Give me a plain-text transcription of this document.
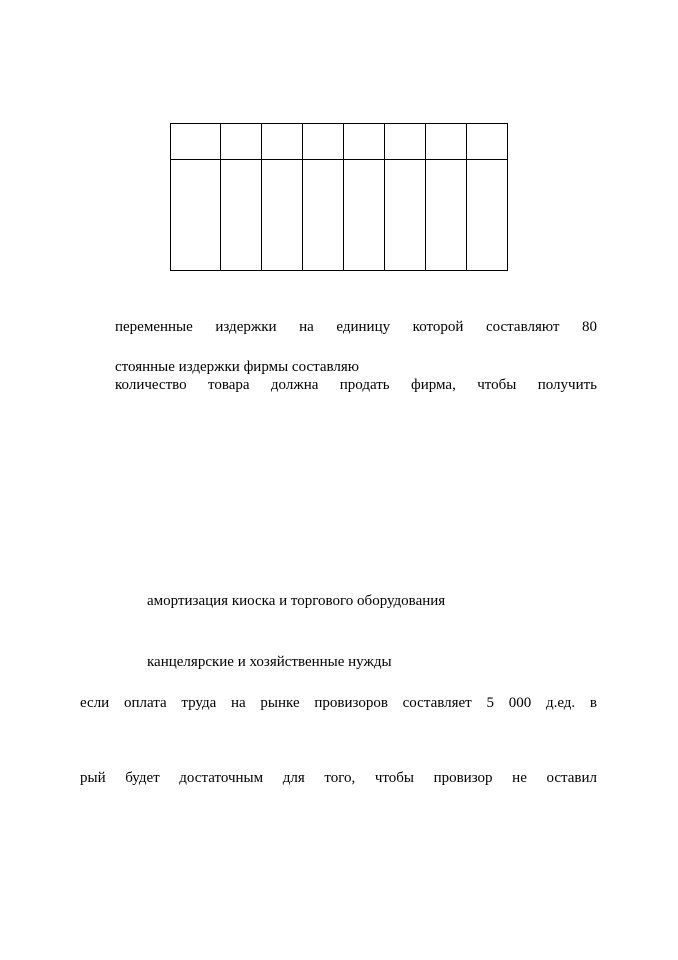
переменные издержки на единицу которой составляют 80
стоянные издержки фирмы составляю
количество товара должна продать фирма, чтобы получить
амортизация киоска и торгового оборудования
канцелярские и хозяйственные нужды
если оплата труда на рынке провизоров составляет 5 000 д.ед. в
рый будет достаточным для того, чтобы провизор не оставил
